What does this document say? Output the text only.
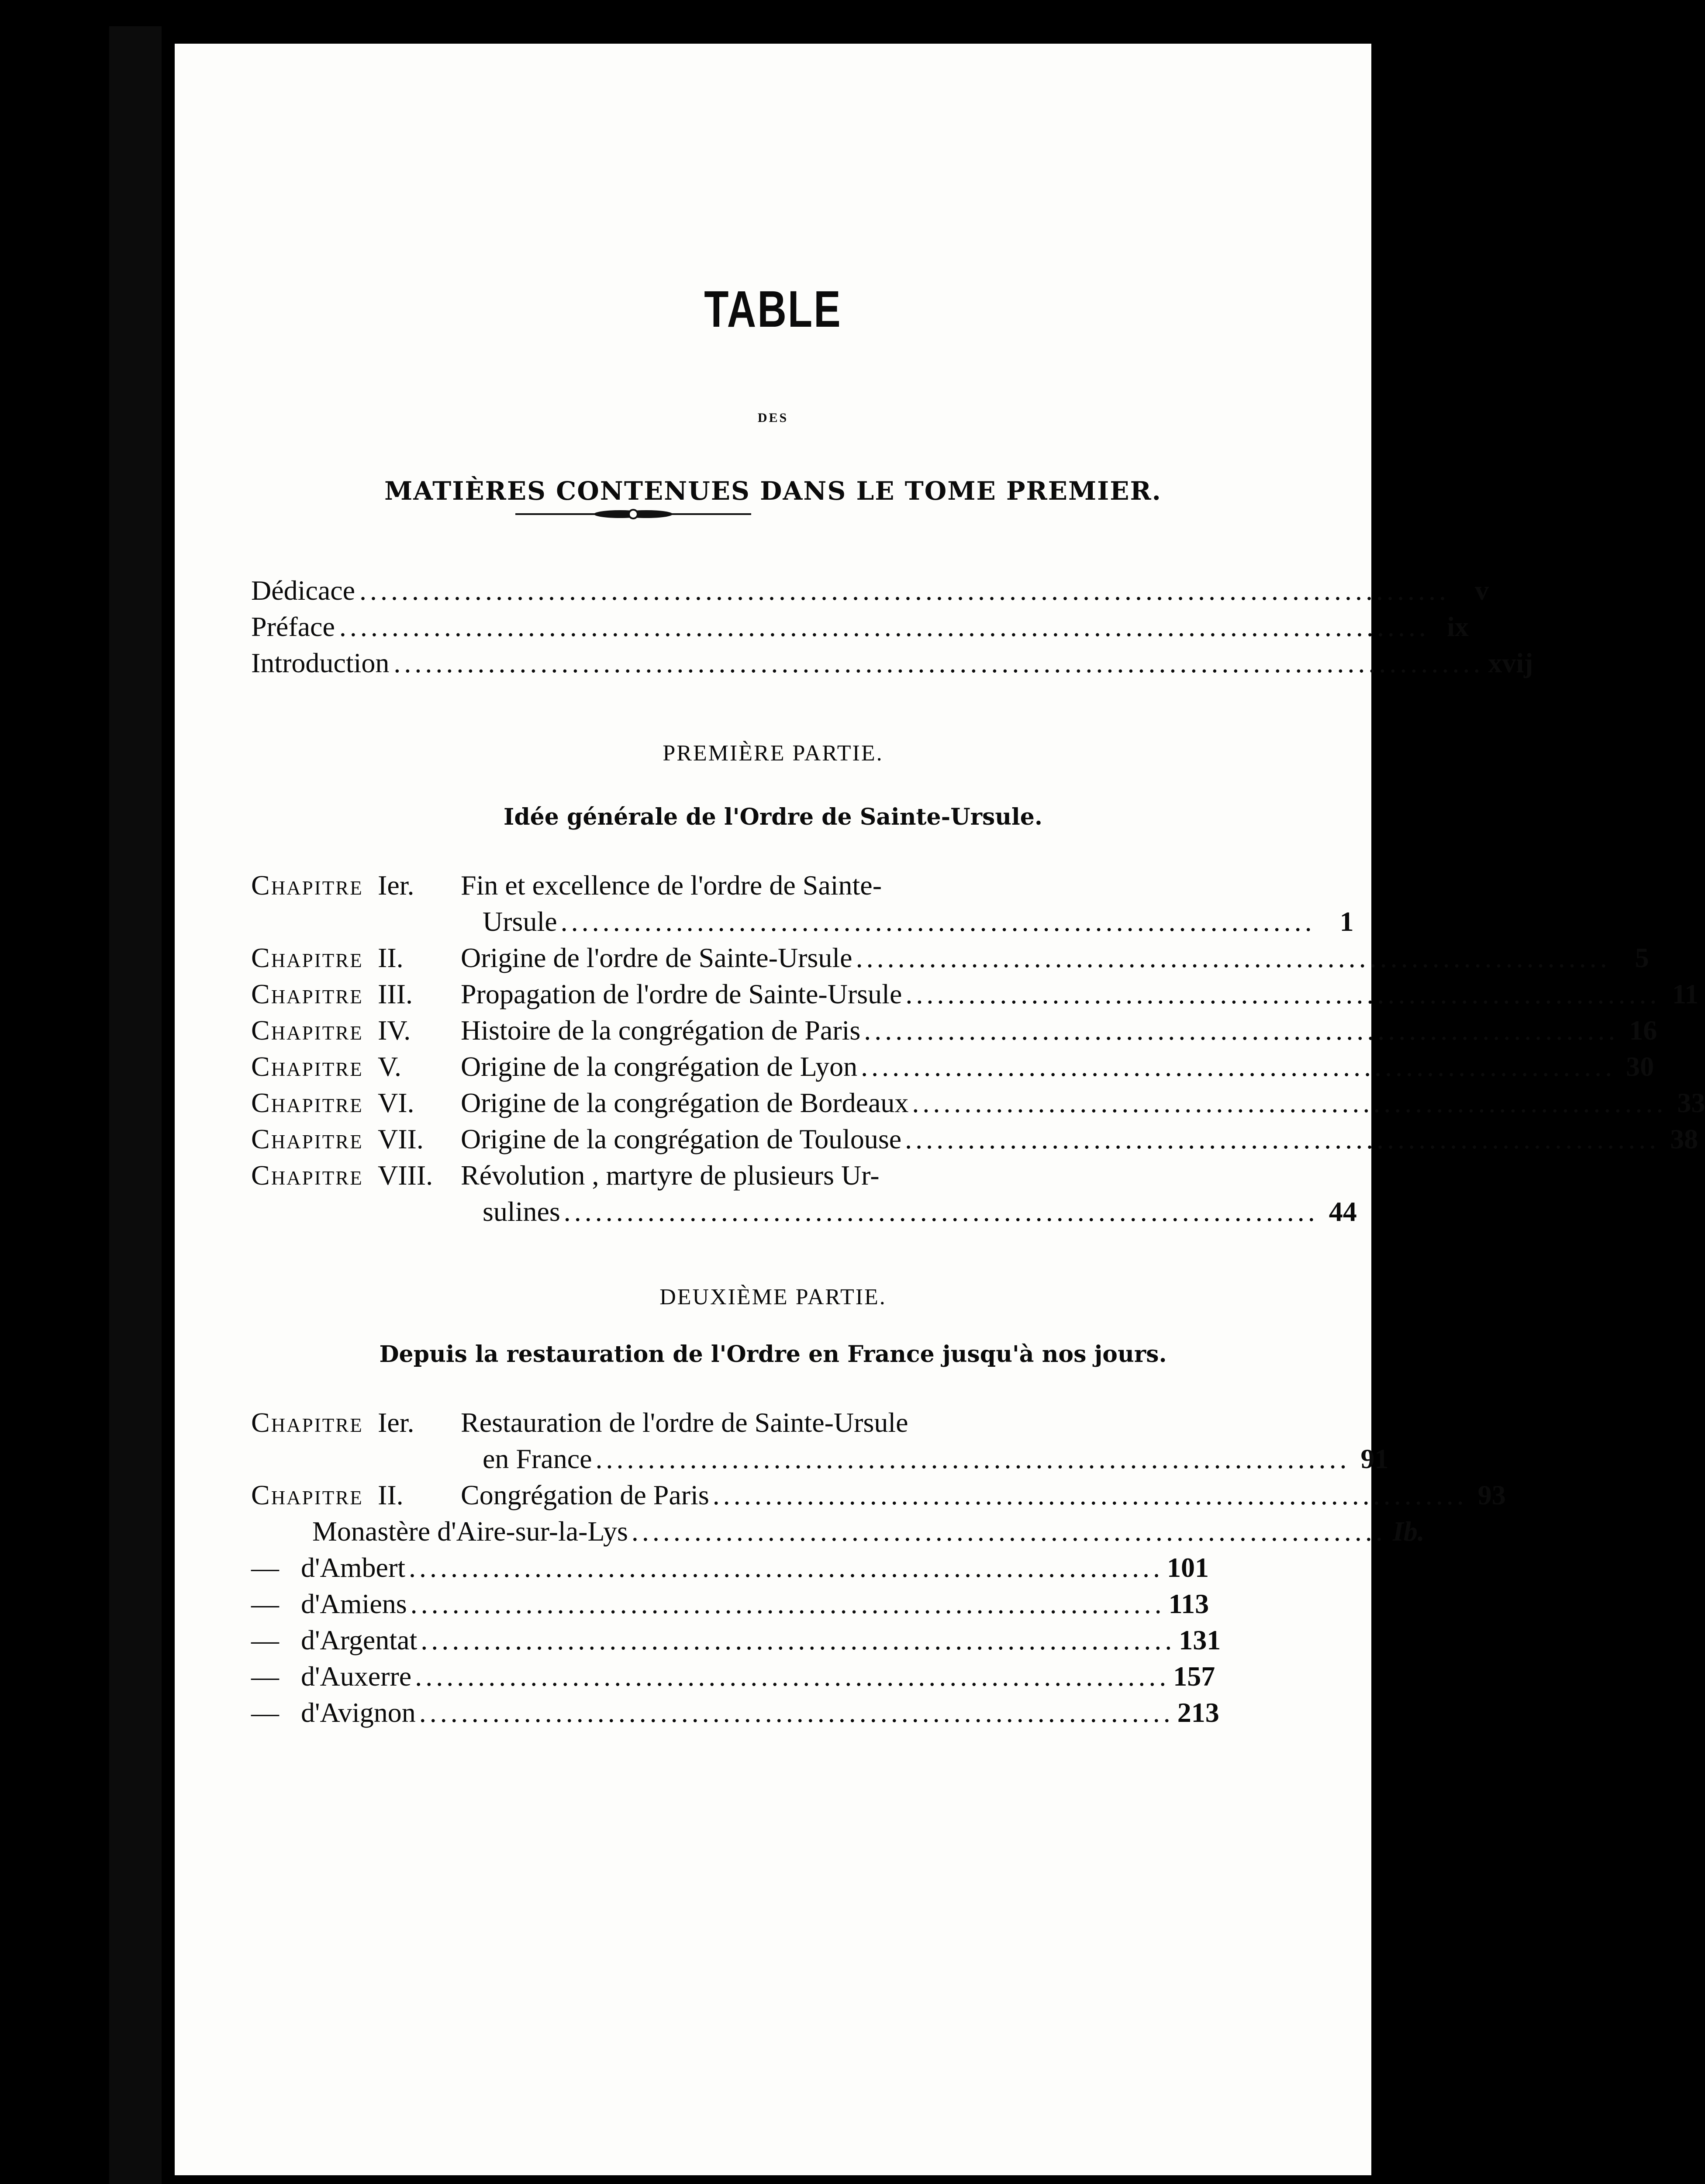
TABLE
DES
MATIÈRES CONTENUES DANS LE TOME PREMIER.
Dédicace ........................................................................................................ v
Préface ........................................................................................................ ix
Introduction ........................................................................................................ xvij
PREMIÈRE PARTIE.
Idée générale de l'Ordre de Sainte-Ursule.
Chapitre Ier. Fin et excellence de l'ordre de Sainte-
Ursule ........................................................................ 1
Chapitre II. Origine de l'ordre de Sainte-Ursule ........................................................................ 5
Chapitre III. Propagation de l'ordre de Sainte-Ursule ........................................................................ 11
Chapitre IV. Histoire de la congrégation de Paris ........................................................................ 16
Chapitre V. Origine de la congrégation de Lyon ........................................................................ 30
Chapitre VI. Origine de la congrégation de Bordeaux ........................................................................ 33
Chapitre VII. Origine de la congrégation de Toulouse ........................................................................ 38
Chapitre VIII. Révolution , martyre de plusieurs Ur-
sulines ........................................................................ 44
DEUXIÈME PARTIE.
Depuis la restauration de l'Ordre en France jusqu'à nos jours.
Chapitre Ier. Restauration de l'ordre de Sainte-Ursule
en France ........................................................................ 91
Chapitre II. Congrégation de Paris ........................................................................ 93
Monastère d'Aire-sur-la-Lys ........................................................................ Ib.
— d'Ambert ........................................................................ 101
— d'Amiens ........................................................................ 113
— d'Argentat ........................................................................ 131
— d'Auxerre ........................................................................ 157
— d'Avignon ........................................................................ 213
